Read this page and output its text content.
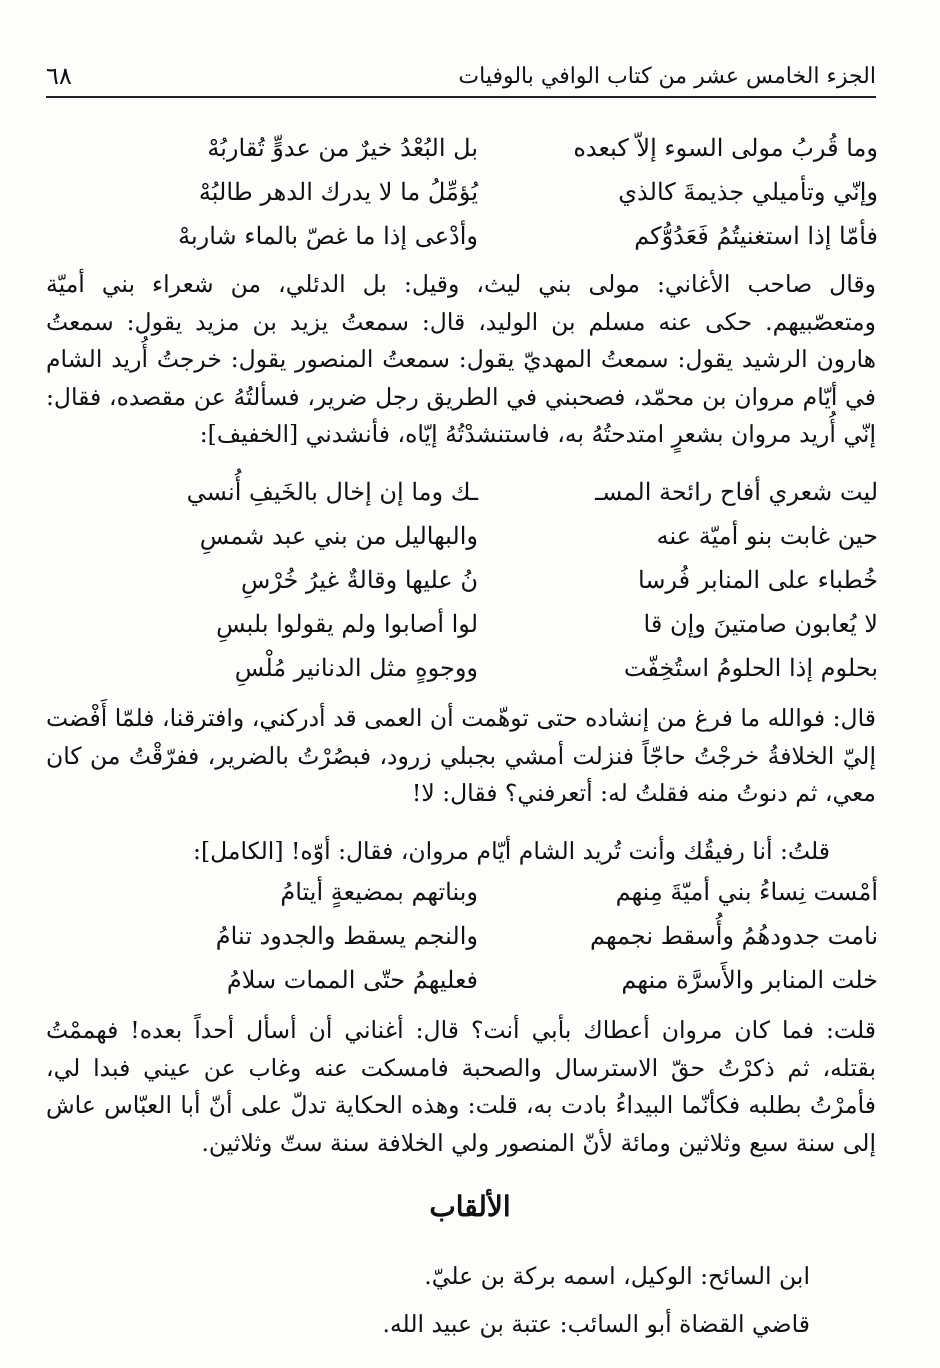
الجزء الخامس عشر من كتاب الوافي بالوفيات
٦٨
وما قُربُ مولى السوء إلاّ كبعده
بل البُعْدُ خيرٌ من عدوٍّ تُقاربُهْ
وإنّي وتأميلي جذيمةَ كالذي
يُؤمِّلُ ما لا يدرك الدهر طالبُهْ
فأمّا إذا استغنيتُمُ فَعَدُوُّكم
وأدْعى إذا ما غصّ بالماء شاربهْ
وقال صاحب الأغاني: مولى بني ليث، وقيل: بل الدئلي، من شعراء بني أميّة ومتعصّبيهم. حكى عنه مسلم بن الوليد، قال: سمعتُ يزيد بن مزيد يقول: سمعتُ هارون الرشيد يقول: سمعتُ المهديّ يقول: سمعتُ المنصور يقول: خرجتُ أُريد الشام في أيّام مروان بن محمّد، فصحبني في الطريق رجل ضرير، فسألتُهُ عن مقصده، فقال: إنّي أُريد مروان بشعرٍ امتدحتُهُ به، فاستنشدْتُهُ إيّاه، فأنشدني [الخفيف]:
ليت شعري أفاح رائحة المسـ
ـك وما إن إخال بالخَيفِ أُنسي
حين غابت بنو أميّة عنه
والبهاليل من بني عبد شمسِ
خُطباء على المنابر فُرسا
نُ عليها وقالةٌ غيرُ خُرْسِ
لا يُعابون صامتينَ وإن قا
لوا أصابوا ولم يقولوا بلبسِ
بحلوم إذا الحلومُ استُخِفّت
ووجوهٍ مثل الدنانير مُلْسِ
قال: فوالله ما فرغ من إنشاده حتى توهّمت أن العمى قد أدركني، وافترقنا، فلمّا أَفْضت إليّ الخلافةُ خرجْتُ حاجّاً فنزلت أمشي بجبلي زرود، فبصُرْتُ بالضرير، ففرّقْتُ من كان معي، ثم دنوتُ منه فقلتُ له: أتعرفني؟ فقال: لا!
قلتُ: أنا رفيقُك وأنت تُريد الشام أيّام مروان، فقال: أوّه! [الكامل]:
أمْست نِساءُ بني أميّةَ مِنهم
وبناتهم بمضيعةٍ أيتامُ
نامت جدودهُمُ وأُسقط نجمهم
والنجم يسقط والجدود تنامُ
خلت المنابر والأَسرَّة منهم
فعليهمُ حتّى الممات سلامُ
قلت: فما كان مروان أعطاك بأبي أنت؟ قال: أغناني أن أسأل أحداً بعده! فهممْتُ بقتله، ثم ذكرْتُ حقّ الاسترسال والصحبة فامسكت عنه وغاب عن عيني فبدا لي، فأمرْتُ بطلبه فكأنّما البيداءُ بادت به، قلت: وهذه الحكاية تدلّ على أنّ أبا العبّاس عاش إلى سنة سبع وثلاثين ومائة لأنّ المنصور ولي الخلافة سنة ستّ وثلاثين.
الألقاب
ابن السائح: الوكيل، اسمه بركة بن عليّ.
قاضي القضاة أبو السائب: عتبة بن عبيد الله.
